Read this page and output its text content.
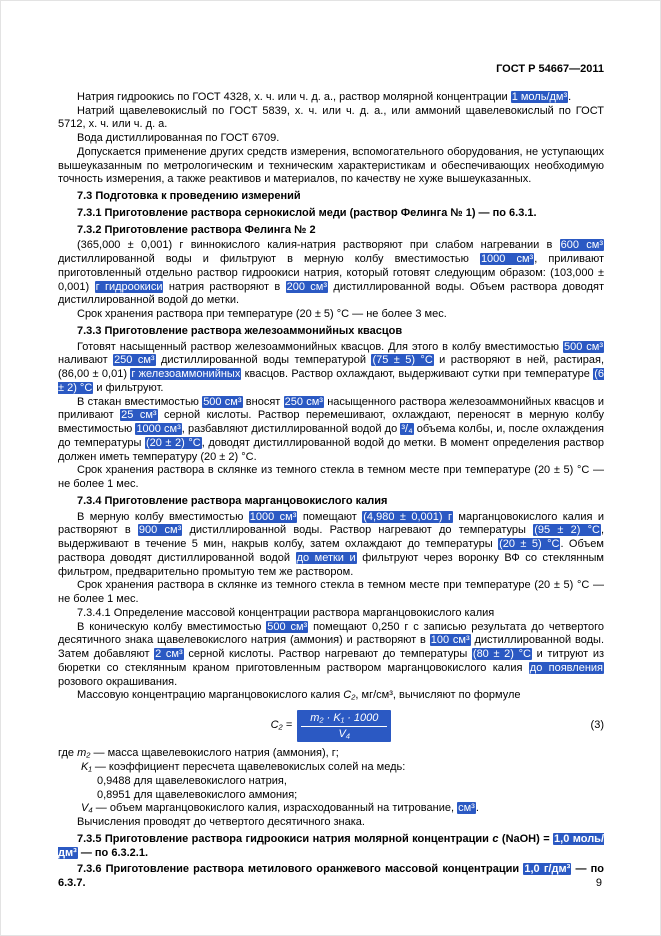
ГОСТ Р 54667—2011
Натрия гидроокись по ГОСТ 4328, х. ч. или ч. д. а., раствор молярной концентрации 1 моль/дм³.
Натрий щавелевокислый по ГОСТ 5839, х. ч. или ч. д. а., или аммоний щавелевокислый по ГОСТ 5712, х. ч. или ч. д. а.
Вода дистиллированная по ГОСТ 6709.
Допускается применение других средств измерения, вспомогательного оборудования, не уступающих вышеуказанным по метрологическим и техническим характеристикам и обеспечивающих необходимую точность измерения, а также реактивов и материалов, по качеству не хуже вышеуказанных.
7.3 Подготовка к проведению измерений
7.3.1 Приготовление раствора сернокислой меди (раствор Фелинга № 1) — по 6.3.1.
7.3.2 Приготовление раствора Фелинга № 2
(365,000 ± 0,001) г виннокислого калия-натрия растворяют при слабом нагревании в 600 см³ дистиллированной воды и фильтруют в мерную колбу вместимостью 1000 см³, приливают приготовленный отдельно раствор гидроокиси натрия, который готовят следующим образом: (103,000 ± 0,001) г гидроокиси натрия растворяют в 200 см³ дистиллированной воды. Объем раствора доводят дистиллированной водой до метки.
Срок хранения раствора при температуре (20 ± 5) °С — не более 3 мес.
7.3.3 Приготовление раствора железоаммонийных квасцов
Готовят насыщенный раствор железоаммонийных квасцов. Для этого в колбу вместимостью 500 см³ наливают 250 см³ дистиллированной воды температурой (75 ± 5) °С и растворяют в ней, растирая, (86,00 ± 0,01) г железоаммонийных квасцов. Раствор охлаждают, выдерживают сутки при температуре (6 ± 2) °С и фильтруют.
В стакан вместимостью 500 см³ вносят 250 см³ насыщенного раствора железоаммонийных квасцов и приливают 25 см³ серной кислоты. Раствор перемешивают, охлаждают, переносят в мерную колбу вместимостью 1000 см³, разбавляют дистиллированной водой до ³/₄ объема колбы, и, после охлаждения до температуры (20 ± 2) °С, доводят дистиллированной водой до метки. В момент определения раствор должен иметь температуру (20 ± 2) °С.
Срок хранения раствора в склянке из темного стекла в темном месте при температуре (20 ± 5) °С — не более 1 мес.
7.3.4 Приготовление раствора марганцовокислого калия
В мерную колбу вместимостью 1000 см³ помещают (4,980 ± 0,001) г марганцовокислого калия и растворяют в 900 см³ дистиллированной воды. Раствор нагревают до температуры (95 ± 2) °С, выдерживают в течение 5 мин, накрыв колбу, затем охлаждают до температуры (20 ± 5) °С. Объем раствора доводят дистиллированной водой до метки и фильтруют через воронку ВФ со стеклянным фильтром, предварительно промытую тем же раствором.
Срок хранения раствора в склянке из темного стекла в темном месте при температуре (20 ± 5) °С — не более 1 мес.
7.3.4.1 Определение массовой концентрации раствора марганцовокислого калия
В коническую колбу вместимостью 500 см³ помещают 0,250 г с записью результата до четвертого десятичного знака щавелевокислого натрия (аммония) и растворяют в 100 см³ дистиллированной воды. Затем добавляют 2 см³ серной кислоты. Раствор нагревают до температуры (80 ± 2) °С и титруют из бюретки со стеклянным краном приготовленным раствором марганцовокислого калия до появления розового окрашивания.
Массовую концентрацию марганцовокислого калия С₂, мг/см³, вычисляют по формуле
$С_2 = \frac{\text{m₂ · K₁ · 1000}}{\text{V₄}}$	(3)
где m₂ — масса щавелевокислого натрия (аммония), г;
K₁ — коэффициент пересчета щавелевокислых солей на медь:
0,9488 для щавелевокислого натрия,
0,8951 для щавелевокислого аммония;
V₄ — объем марганцовокислого калия, израсходованный на титрование, см³.
Вычисления проводят до четвертого десятичного знака.
7.3.5 Приготовление раствора гидроокиси натрия молярной концентрации с (NaOH) = 1,0 моль/дм³ — по 6.3.2.1.
7.3.6 Приготовление раствора метилового оранжевого массовой концентрации 1,0 г/дм³ — по 6.3.7.	9
